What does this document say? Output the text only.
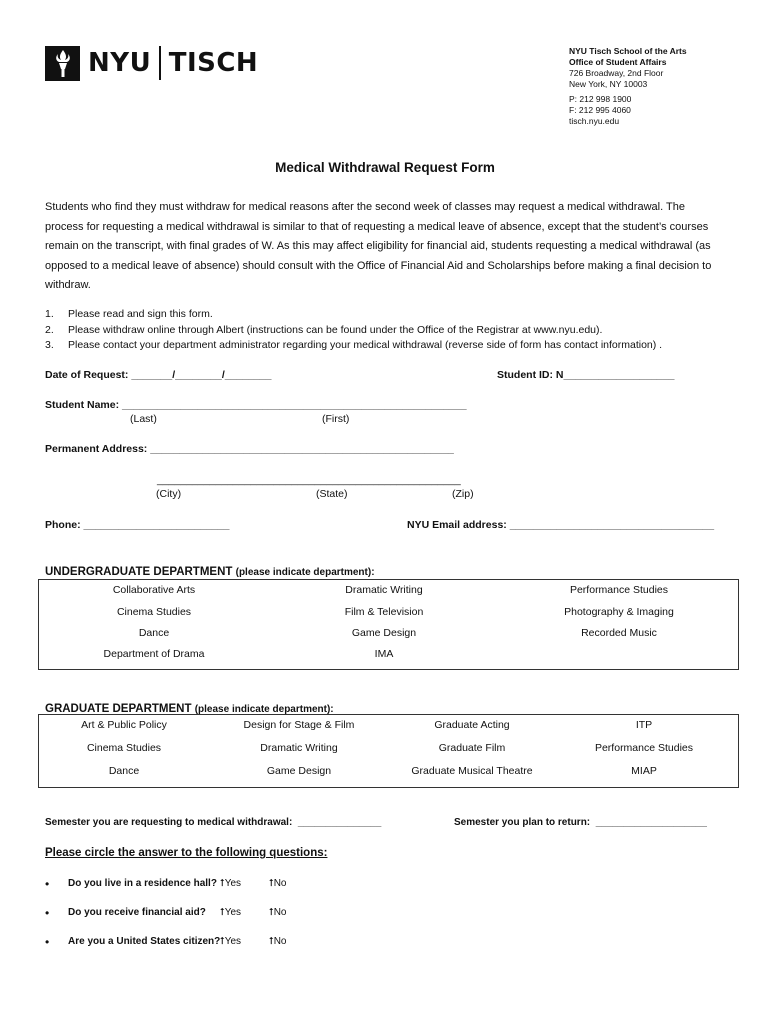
NYU TISCH	NYU Tisch School of the Arts
Office of Student Affairs
726 Broadway, 2nd Floor
New York, NY 10003
P: 212 998 1900
F: 212 995 4060
tisch.nyu.edu
Medical Withdrawal Request Form
Students who find they must withdraw for medical reasons after the second week of classes may request a medical withdrawal. The process for requesting a medical withdrawal is similar to that of requesting a medical leave of absence, except that the student’s courses remain on the transcript, with final grades of W. As this may affect eligibility for financial aid, students requesting a medical withdrawal (as opposed to a medical leave of absence) should consult with the Office of Financial Aid and Scholarships before making a final decision to withdraw.
1.	Please read and sign this form.
2.	Please withdraw online through Albert (instructions can be found under the Office of the Registrar at www.nyu.edu).
3.	Please contact your department administrator regarding your medical withdrawal (reverse side of form has contact information) .
Date of Request: _______/________/________	Student ID: N___________________
Student Name: ___________________________________________________________
(Last)	(First)
Permanent Address: ____________________________________________________
____________________________________________________
(City)	(State)	(Zip)
Phone: _________________________	NYU Email address: ___________________________________
UNDERGRADUATE DEPARTMENT (please indicate department):
Collaborative Arts	Dramatic Writing	Performance Studies
Cinema Studies	Film & Television	Photography & Imaging
Dance	Game Design	Recorded Music
Department of Drama	IMA
GRADUATE DEPARTMENT (please indicate department):
Art & Public Policy	Design for Stage & Film	Graduate Acting	ITP
Cinema Studies	Dramatic Writing	Graduate Film	Performance Studies
Dance	Game Design	Graduate Musical Theatre	MIAP
Semester you are requesting to medical withdrawal:  _______________	Semester you plan to return:  ____________________
Please circle the answer to the following questions:
• Do you live in a residence hall? ⭡Yes	⭡No
• Do you receive financial aid? ⭡Yes	⭡No
• Are you a United States citizen? ⭡Yes	⭡No
